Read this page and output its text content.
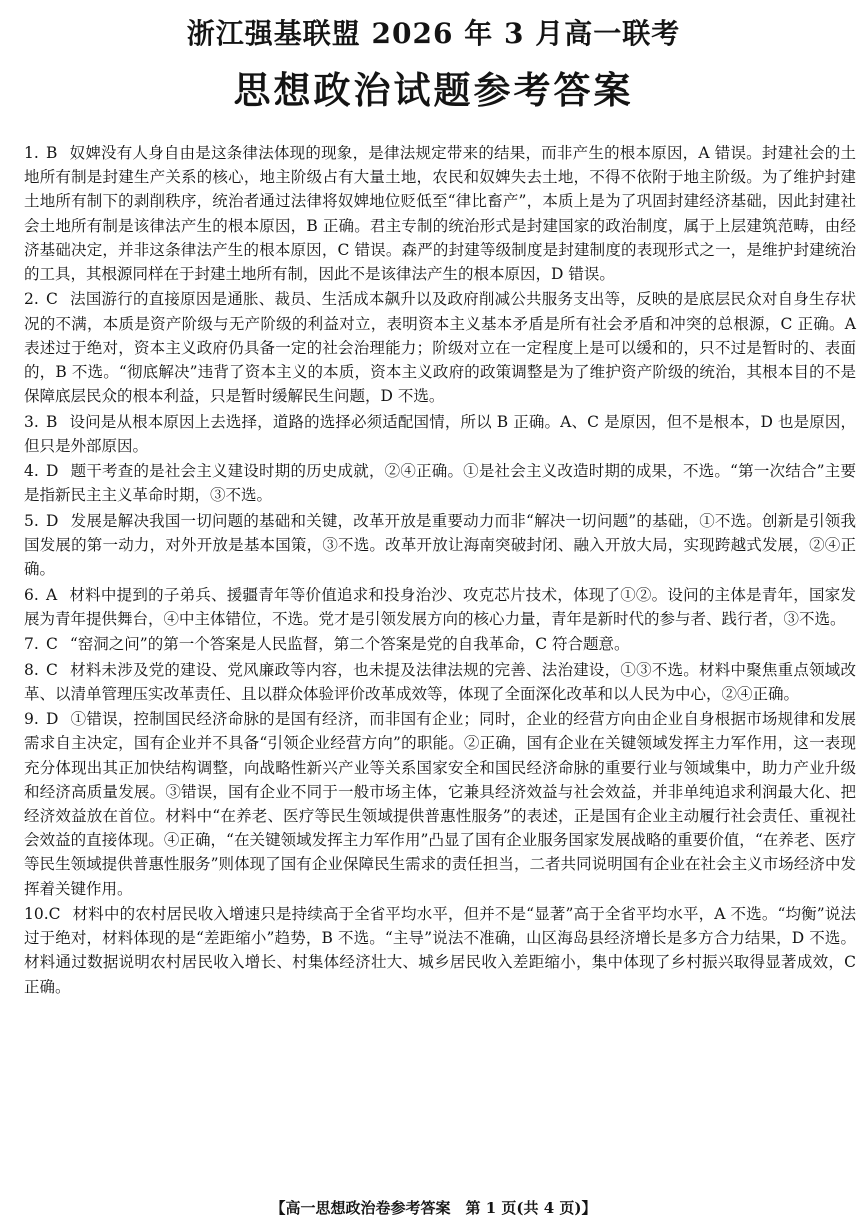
浙江强基联盟 2026 年 3 月高一联考
思想政治试题参考答案

1. B 奴婢没有人身自由是这条律法体现的现象，是律法规定带来的结果，而非产生的根本原因，A 错误。封建社会的土地所有制是封建生产关系的核心，地主阶级占有大量土地，农民和奴婢失去土地，不得不依附于地主阶级。为了维护封建土地所有制下的剥削秩序，统治者通过法律将奴婢地位贬低至“律比畜产”，本质上是为了巩固封建经济基础，因此封建社会土地所有制是该律法产生的根本原因，B 正确。君主专制的统治形式是封建国家的政治制度，属于上层建筑范畴，由经济基础决定，并非这条律法产生的根本原因，C 错误。森严的封建等级制度是封建制度的表现形式之一，是维护封建统治的工具，其根源同样在于封建土地所有制，因此不是该律法产生的根本原因，D 错误。

2. C 法国游行的直接原因是通胀、裁员、生活成本飙升以及政府削减公共服务支出等，反映的是底层民众对自身生存状况的不满，本质是资产阶级与无产阶级的利益对立，表明资本主义基本矛盾是所有社会矛盾和冲突的总根源，C 正确。A 表述过于绝对，资本主义政府仍具备一定的社会治理能力；阶级对立在一定程度上是可以缓和的，只不过是暂时的、表面的，B 不选。“彻底解决”违背了资本主义的本质，资本主义政府的政策调整是为了维护资产阶级的统治，其根本目的不是保障底层民众的根本利益，只是暂时缓解民生问题，D 不选。

3. B 设问是从根本原因上去选择，道路的选择必须适配国情，所以 B 正确。A、C 是原因，但不是根本，D 也是原因，但只是外部原因。

4. D 题干考查的是社会主义建设时期的历史成就，②④正确。①是社会主义改造时期的成果，不选。“第一次结合”主要是指新民主主义革命时期，③不选。

5. D 发展是解决我国一切问题的基础和关键，改革开放是重要动力而非“解决一切问题”的基础，①不选。创新是引领我国发展的第一动力，对外开放是基本国策，③不选。改革开放让海南突破封闭、融入开放大局，实现跨越式发展，②④正确。

6. A 材料中提到的子弟兵、援疆青年等价值追求和投身治沙、攻克芯片技术，体现了①②。设问的主体是青年，国家发展为青年提供舞台，④中主体错位，不选。党才是引领发展方向的核心力量，青年是新时代的参与者、践行者，③不选。

7. C “窑洞之问”的第一个答案是人民监督，第二个答案是党的自我革命，C 符合题意。

8. C 材料未涉及党的建设、党风廉政等内容，也未提及法律法规的完善、法治建设，①③不选。材料中聚焦重点领域改革、以清单管理压实改革责任、且以群众体验评价改革成效等，体现了全面深化改革和以人民为中心，②④正确。

9. D ①错误，控制国民经济命脉的是国有经济，而非国有企业；同时，企业的经营方向由企业自身根据市场规律和发展需求自主决定，国有企业并不具备“引领企业经营方向”的职能。②正确，国有企业在关键领域发挥主力军作用，这一表现充分体现出其正加快结构调整，向战略性新兴产业等关系国家安全和国民经济命脉的重要行业与领域集中，助力产业升级和经济高质量发展。③错误，国有企业不同于一般市场主体，它兼具经济效益与社会效益，并非单纯追求利润最大化、把经济效益放在首位。材料中“在养老、医疗等民生领域提供普惠性服务”的表述，正是国有企业主动履行社会责任、重视社会效益的直接体现。④正确，“在关键领域发挥主力军作用”凸显了国有企业服务国家发展战略的重要价值，“在养老、医疗等民生领域提供普惠性服务”则体现了国有企业保障民生需求的责任担当，二者共同说明国有企业在社会主义市场经济中发挥着关键作用。

10.C 材料中的农村居民收入增速只是持续高于全省平均水平，但并不是“显著”高于全省平均水平，A 不选。“均衡”说法过于绝对，材料体现的是“差距缩小”趋势，B 不选。“主导”说法不准确，山区海岛县经济增长是多方合力结果，D 不选。材料通过数据说明农村居民收入增长、村集体经济壮大、城乡居民收入差距缩小，集中体现了乡村振兴取得显著成效，C 正确。

【高一思想政治卷参考答案　第 1 页(共 4 页)】
